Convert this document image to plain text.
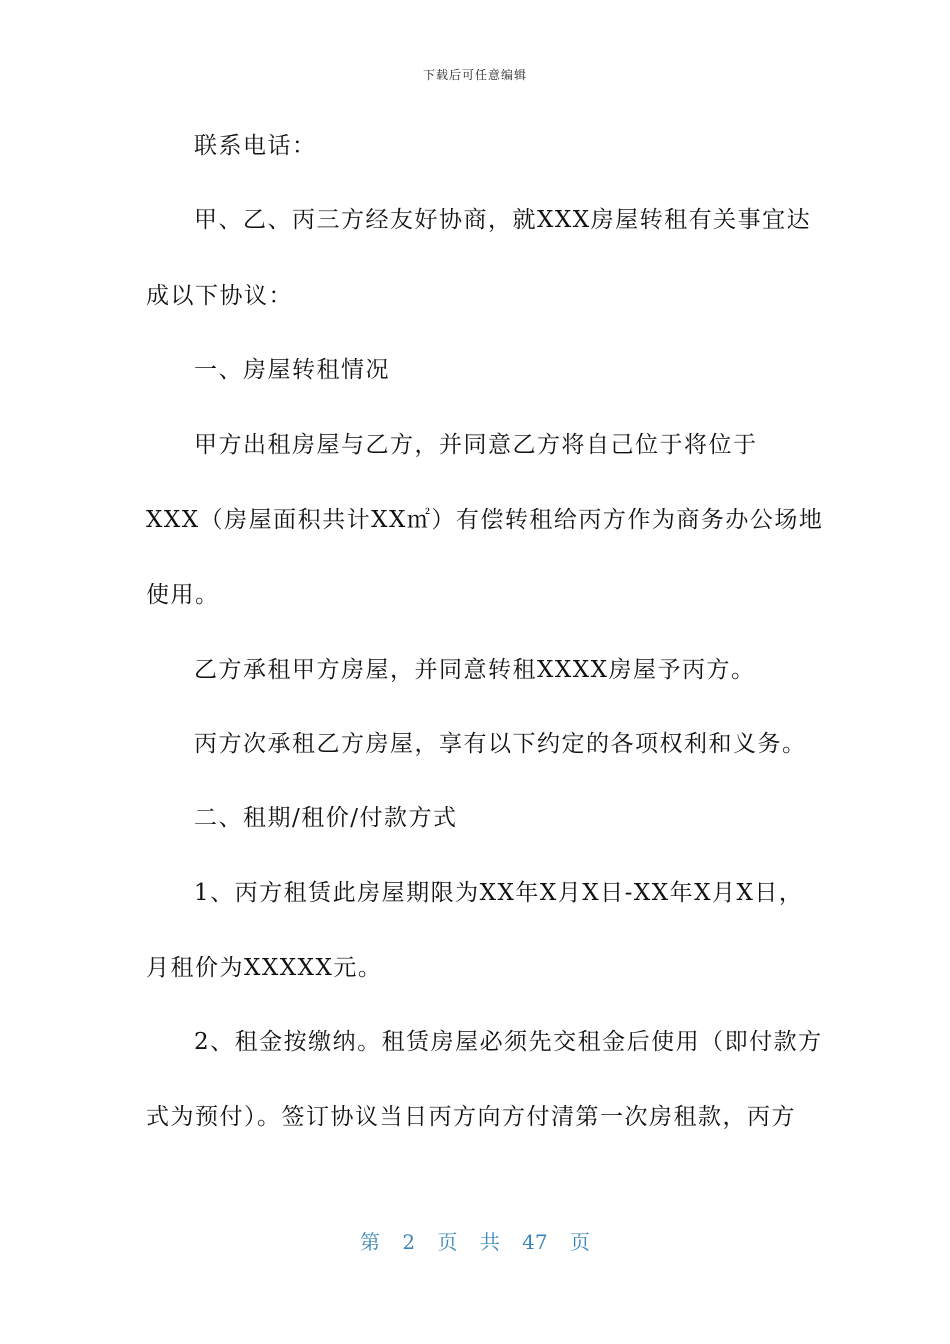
下载后可任意编辑
联系电话：
甲、乙、丙三方经友好协商，就XXX房屋转租有关事宜达
成以下协议：
一、房屋转租情况
甲方出租房屋与乙方，并同意乙方将自己位于将位于
XXX（房屋面积共计XX㎡）有偿转租给丙方作为商务办公场地
使用。
乙方承租甲方房屋，并同意转租XXXX房屋予丙方。
丙方次承租乙方房屋，享有以下约定的各项权利和义务。
二、租期/租价/付款方式
1、丙方租赁此房屋期限为XX年X月X日-XX年X月X日，
月租价为XXXXX元。
2、租金按缴纳。租赁房屋必须先交租金后使用（即付款方
式为预付）。签订协议当日丙方向方付清第一次房租款，丙方
第 2 页 共 47 页
